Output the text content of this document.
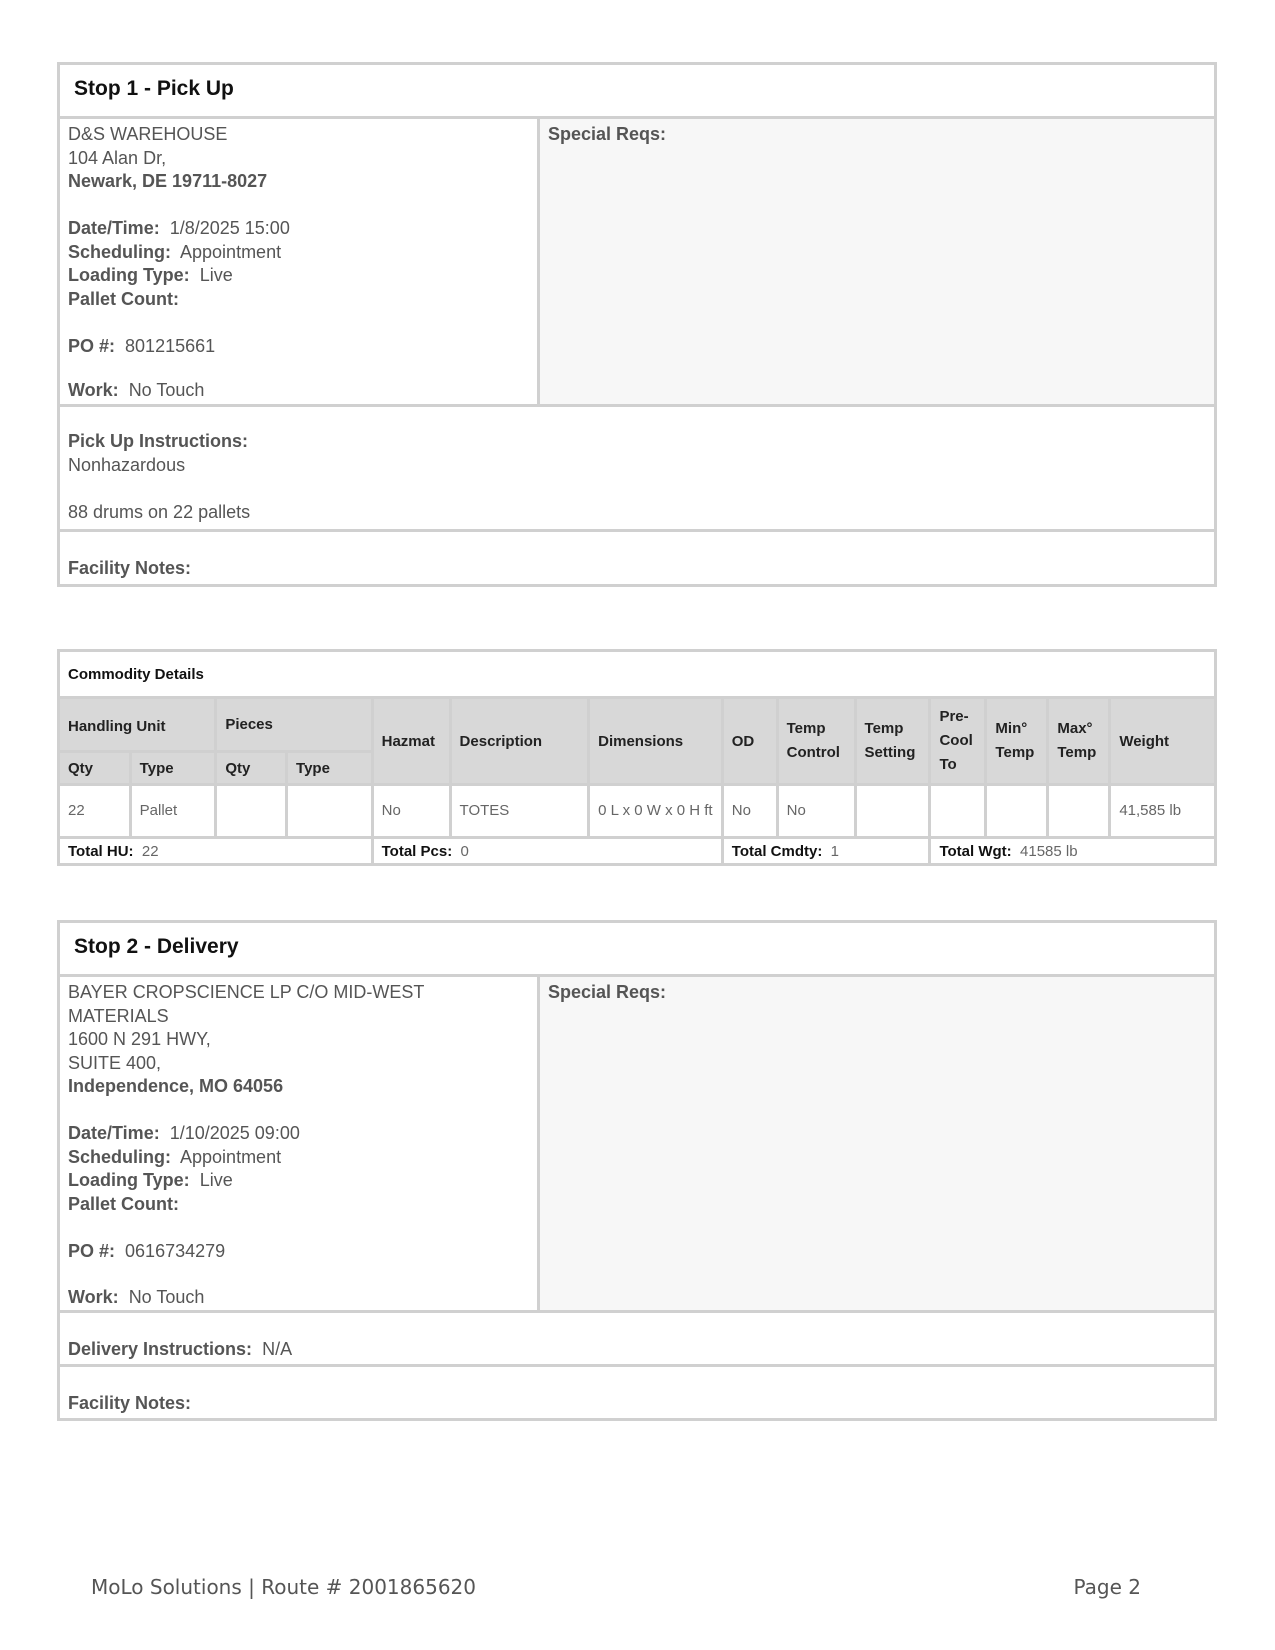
Stop 1 - Pick Up
D&S WAREHOUSE
104 Alan Dr,
Newark, DE 19711-8027
Date/Time: 1/8/2025 15:00
Scheduling: Appointment
Loading Type: Live
Pallet Count:
PO #: 801215661
Work: No Touch
Special Reqs:
Pick Up Instructions:
Nonhazardous
88 drums on 22 pallets
Facility Notes:
Commodity Details													
Handling Unit		Pieces		Hazmat	Description	Dimensions	OD	Temp Control	Temp Setting	Pre- Cool To	Min° Temp	Max° Temp	Weight
Qty	Type	Qty	Type										
22	Pallet			No	TOTES	0 L x 0 W x 0 H ft	No	No					41,585 lb
Total HU: 22				Total Pcs: 0			Total Cmdty: 1			Total Wgt: 41585 lb			
Stop 2 - Delivery
BAYER CROPSCIENCE LP C/O MID-WEST
MATERIALS
1600 N 291 HWY,
SUITE 400,
Independence, MO 64056
Date/Time: 1/10/2025 09:00
Scheduling: Appointment
Loading Type: Live
Pallet Count:
PO #: 0616734279
Work: No Touch
Special Reqs:
Delivery Instructions: N/A
Facility Notes:
MoLo Solutions | Route # 2001865620	Page 2
